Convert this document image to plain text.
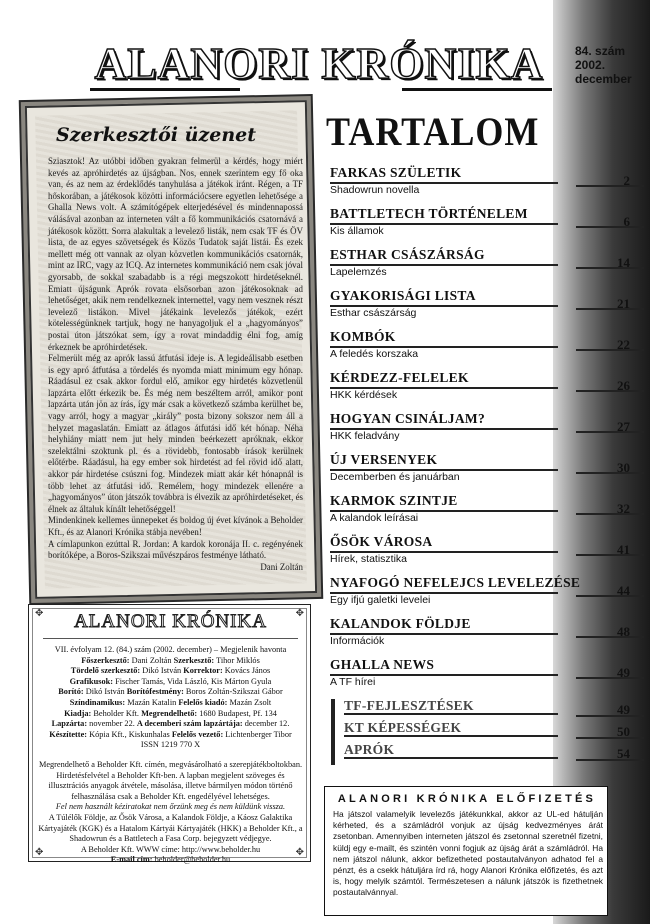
84. szám
2002.
december
ALANORI KRÓNIKA
Szerkesztői üzenet

Sziasztok! Az utóbbi időben gyakran felmerül a kérdés, hogy miért kevés az apróhirdetés az újságban. Nos, ennek szerintem egy fő oka van, és az nem az érdeklődés tanyhulása a játékok iránt. Régen, a TF hőskorában, a játékosok közötti információcsere egyetlen lehetősége a Ghalla News volt. A számítógépek elterjedésével és mindennapossá válásával azonban az interneten vált a fő kommunikációs csatornává a játékosok között. Sorra alakultak a levelező listák, nem csak TF és ÖV lista, de az egyes szövetségek és Közös Tudatok saját listái. És ezek mellett még ott vannak az olyan közvetlen kommunikációs csatornák, mint az IRC, vagy az ICQ. Az internetes kommunikáció nem csak jóval gyorsabb, de sokkal szabadabb is a régi megszokott hirdetéseknél. Emiatt újságunk Aprók rovata elsősorban azon játékosoknak ad lehetőséget, akik nem rendelkeznek internettel, vagy nem vesznek részt levelező listákon. Mivel játékaink levelezős játékok, ezért kötelességünknek tartjuk, hogy ne hanyagoljuk el a „hagyományos” postai úton játszókat sem, így a rovat mindaddig élni fog, amíg érkeznek be apróhirdetések.

Felmerült még az aprók lassú átfutási ideje is. A legideálisabb esetben is egy apró átfutása a tördelés és nyomda miatt minimum egy hónap. Ráadásul ez csak akkor fordul elő, amikor egy hirdetés közvetlenül lapzárta előtt érkezik be. És még nem beszéltem arról, amikor pont lapzárta után jön az írás, így már csak a következő számba kerülhet be, vagy arról, hogy a magyar „király” posta bizony sokszor nem áll a helyzet magaslatán. Emiatt az átlagos átfutási idő két hónap. Néha helyhiány miatt nem jut hely minden beérkezett apróknak, ekkor szelektálni szoktunk pl. és a rövidebb, fontosabb írások kerülnek előtérbe. Ráadásul, ha egy ember sok hirdetést ad fel rövid idő alatt, akkor pár hirdetése csúszni fog. Mindezek miatt akár két hónapnál is több lehet az átfutási idő. Remélem, hogy mindezek ellenére a „hagyományos” úton játszók továbbra is élvezik az apróhirdetéseket, és élnek az általuk kínált lehetőséggel!

Mindenkinek kellemes ünnepeket és boldog új évet kívánok a Beholder Kft., és az Alanori Krónika stábja nevében!

A címlapunkon ezúttal R. Jordan: A kardok koronája II. c. regényének borítóképe, a Boros-Szikszai művészpáros festménye látható.

Dani Zoltán

✥	✥
✥	✥
ALANORI KRÓNIKA

VII. évfolyam 12. (84.) szám (2002. december) – Megjelenik havonta

Főszerkesztő: Dani Zoltán Szerkesztő: Tihor Miklós

Tördelő szerkesztő: Dikó István Korrektor: Kovács János

Grafikusok: Fischer Tamás, Vida László, Kis Márton Gyula

Borító: Dikó István Borítófestmény: Boros Zoltán-Szikszai Gábor

Színdinamikus: Mazán Katalin Felelős kiadó: Mazán Zsolt

Kiadja: Beholder Kft. Megrendelhető: 1680 Budapest, Pf. 134

Lapzárta: november 22. A decemberi szám lapzártája: december 12.

Készítette: Kópia Kft., Kiskunhalas Felelős vezető: Lichtenberger Tibor

ISSN 1219 770 X

Megrendelhető a Beholder Kft. címén, megvásárolható a szerepjátékboltokban. Hirdetésfelvétel a Beholder Kft-ben. A lapban megjelent szöveges és illusztrációs anyagok átvétele, másolása, illetve bármilyen módon történő felhasználása csak a Beholder Kft. engedélyével lehetséges.

Fel nem használt kéziratokat nem őrzünk meg és nem küldünk vissza.

A Túlélők Földje, az Ősök Városa, a Kalandok Földje, a Káosz Galaktika Kártyajáték (KGK) és a Hatalom Kártyái Kártyajáték (HKK) a Beholder Kft., a Shadowrun és a Battletech a Fasa Corp. bejegyzett védjegye.

A Beholder Kft. WWW címe: http://www.beholder.hu

E-mail cím: beholder@beholder.hu

TARTALOM
FARKAS SZÜLETIK
Shadowrun novella
2
BATTLETECH TÖRTÉNELEM
Kis államok
6
ESTHAR CSÁSZÁRSÁG
Lapelemzés
14
GYAKORISÁGI LISTA
Esthar császárság
21
KOMBÓK
A feledés korszaka
22
KÉRDEZZ-FELELEK
HKK kérdések
26
HOGYAN CSINÁLJAM?
HKK feladvány
27
ÚJ VERSENYEK
Decemberben és januárban
30
KARMOK SZINTJE
A kalandok leírásai
32
ŐSÖK VÁROSA
Hírek, statisztika
41
NYAFOGÓ NEFELEJCS LEVELEZÉSE
Egy ifjú galetki levelei
44
KALANDOK FÖLDJE
Információk
48
GHALLA NEWS
A TF hírei
49
TF-FEJLESZTÉSEK	49
KT KÉPESSÉGEK	50
APRÓK	54
ALANORI KRÓNIKA ELŐFIZETÉS
Ha játszol valamelyik levelezős játékunkkal, akkor az UL-ed hátulján kérheted, és a számládról vonjuk az újság kedvezményes árát zsetonban. Amennyiben interneten játszol és zsetonnal szeretnél fizetni, küldj egy e-mailt, és szintén vonni fogjuk az újság árát a számládról. Ha nem játszol nálunk, akkor befizetheted postautalványon adhatod fel a pénzt, és a csekk hátuljára írd rá, hogy Alanori Krónika előfizetés, és azt is, hogy melyik számtól. Természetesen a nálunk játszók is fizethetnek postautalvánnyal.
